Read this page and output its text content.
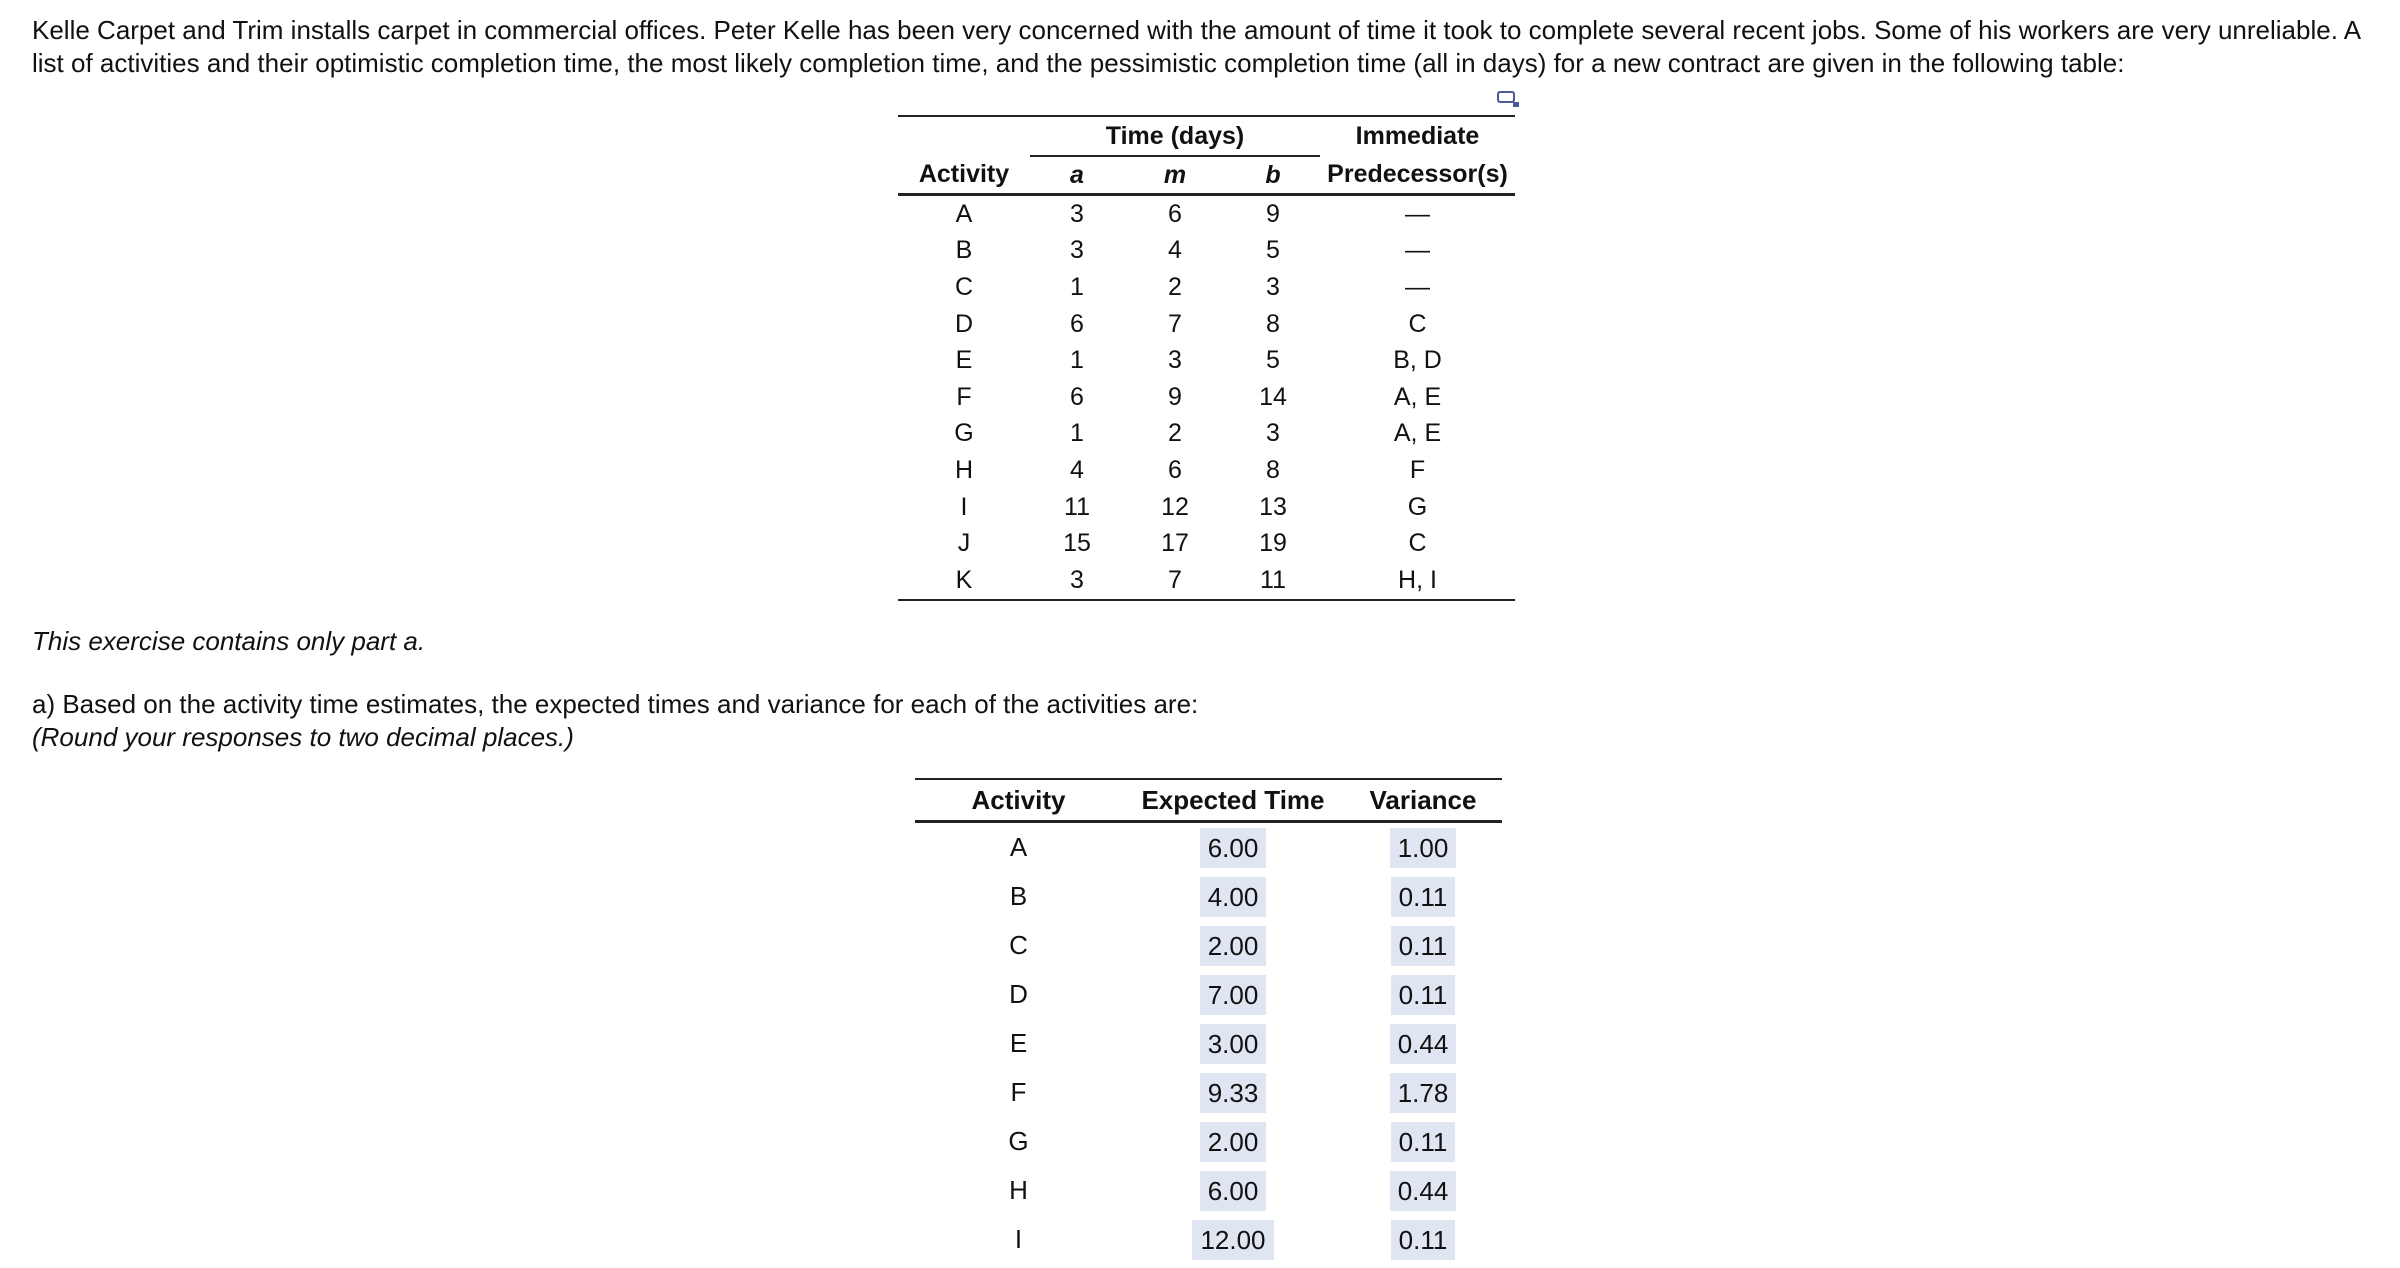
Kelle Carpet and Trim installs carpet in commercial offices. Peter Kelle has been very concerned with the amount of time it took to complete several recent jobs. Some of his workers are very unreliable. A list of activities and their optimistic completion time, the most likely completion time, and the pessimistic completion time (all in days) for a new contract are given in the following table:

	Time (days)			Immediate
Activity	a	m	b	Predecessor(s)
A	3	6	9	—
B	3	4	5	—
C	1	2	3	—
D	6	7	8	C
E	1	3	5	B, D
F	6	9	14	A, E
G	1	2	3	A, E
H	4	6	8	F
I	11	12	13	G
J	15	17	19	C
K	3	7	11	H, I

This exercise contains only part a.

a) Based on the activity time estimates, the expected times and variance for each of the activities are:
(Round your responses to two decimal places.)

Activity	Expected Time	Variance
A	6.00	1.00
B	4.00	0.11
C	2.00	0.11
D	7.00	0.11
E	3.00	0.44
F	9.33	1.78
G	2.00	0.11
H	6.00	0.44
I	12.00	0.11
